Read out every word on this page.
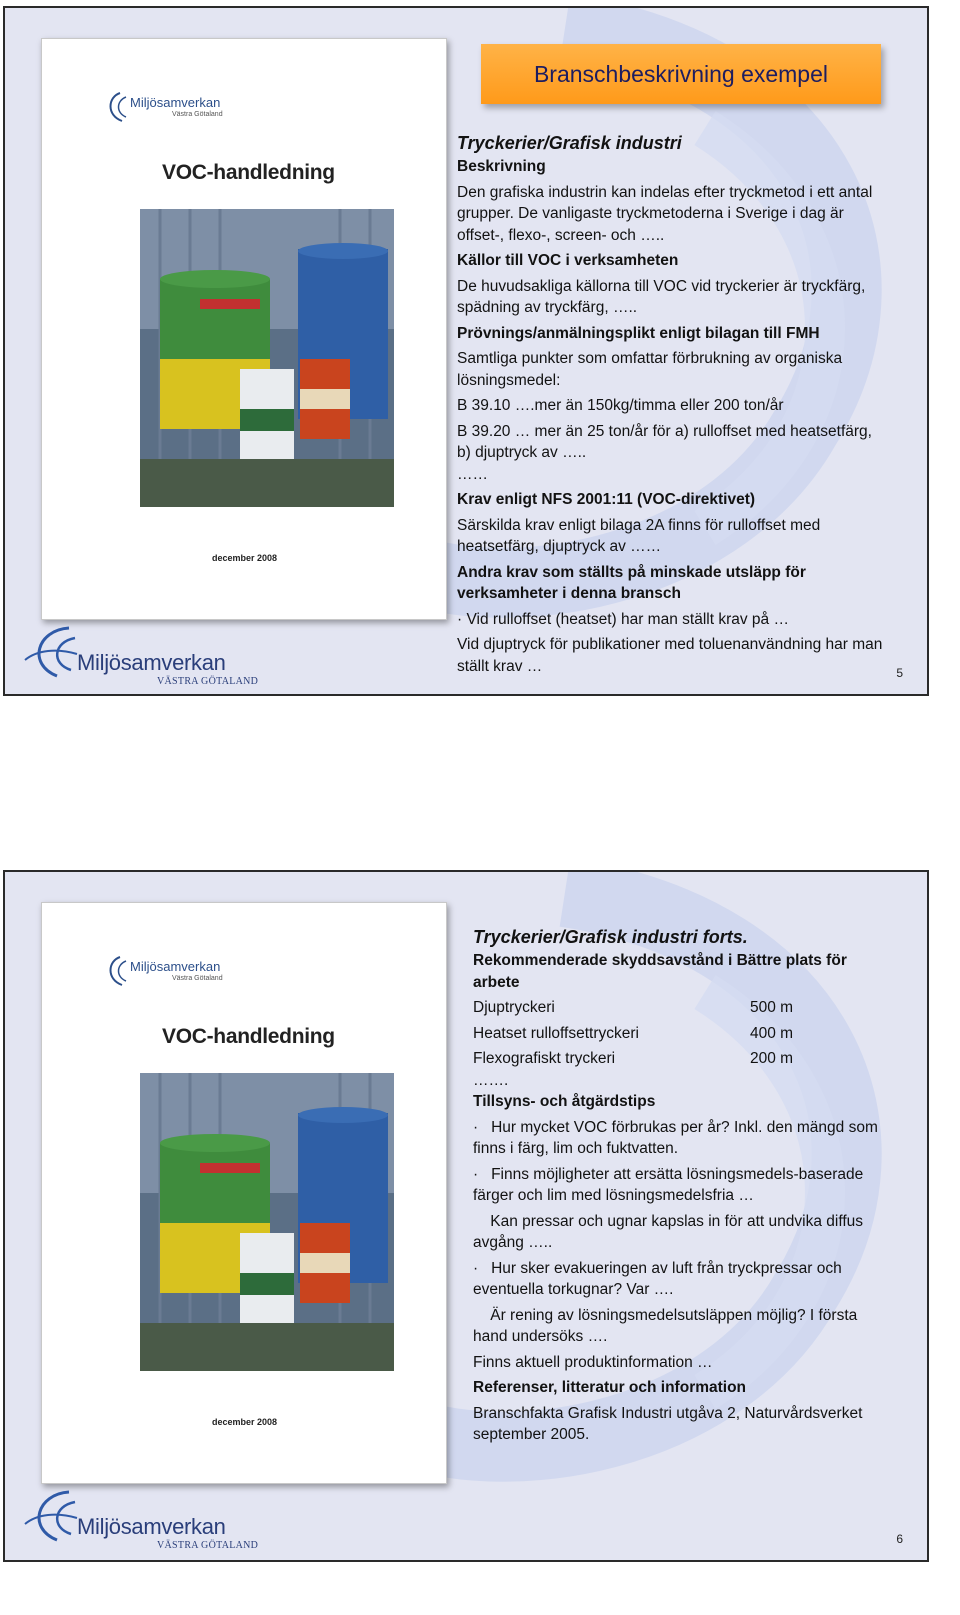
Miljösamverkan
Västra Götaland
VOC-handledning
december 2008
Miljösamverkan
VÄSTRA GÖTALAND
Branschbeskrivning exempel

Tryckerier/Grafisk industri

Beskrivning

Den grafiska industrin kan indelas efter tryckmetod i ett antal grupper. De vanligaste tryckmetoderna i Sverige i dag är offset-, flexo-, screen- och …..

Källor till VOC i verksamheten

De huvudsakliga källorna till VOC vid tryckerier är tryckfärg, spädning av tryckfärg, …..

Prövnings/anmälningsplikt enligt bilagan till FMH

Samtliga punkter som omfattar förbrukning av organiska lösningsmedel:

B 39.10 ….mer än 150kg/timma eller 200 ton/år

B 39.20 … mer än 25 ton/år för a) rulloffset med heatsetfärg, b) djuptryck av …..

……

Krav enligt NFS 2001:11 (VOC-direktivet)

Särskilda krav enligt bilaga 2A finns för rulloffset med heatsetfärg, djuptryck av ……

Andra krav som ställts på minskade utsläpp för verksamheter i denna bransch

· Vid rulloffset (heatset) har man ställt krav på …

Vid djuptryck för publikationer med toluenanvändning har man ställt krav …	5
Miljösamverkan
Västra Götaland
VOC-handledning
december 2008
Miljösamverkan
VÄSTRA GÖTALAND

Tryckerier/Grafisk industri forts.

Rekommenderade skyddsavstånd i Bättre plats för arbete

Djuptryckeri	500 m
Heatset rulloffsettryckeri	400 m
Flexografiskt tryckeri	200 m

…….

Tillsyns- och åtgärdstips

·   Hur mycket VOC förbrukas per år? Inkl. den mängd som finns i färg, lim och fuktvatten.

·   Finns möjligheter att ersätta lösningsmedels-baserade färger och lim med lösningsmedelsfria …

Kan pressar och ugnar kapslas in för att undvika diffus avgång …..

·   Hur sker evakueringen av luft från tryckpressar och eventuella torkugnar? Var ….

Är rening av lösningsmedelsutsläppen möjlig? I första hand undersöks ….

Finns aktuell produktinformation …

Referenser, litteratur och information

Branschfakta Grafisk Industri utgåva 2, Naturvårdsverket september 2005.

6
